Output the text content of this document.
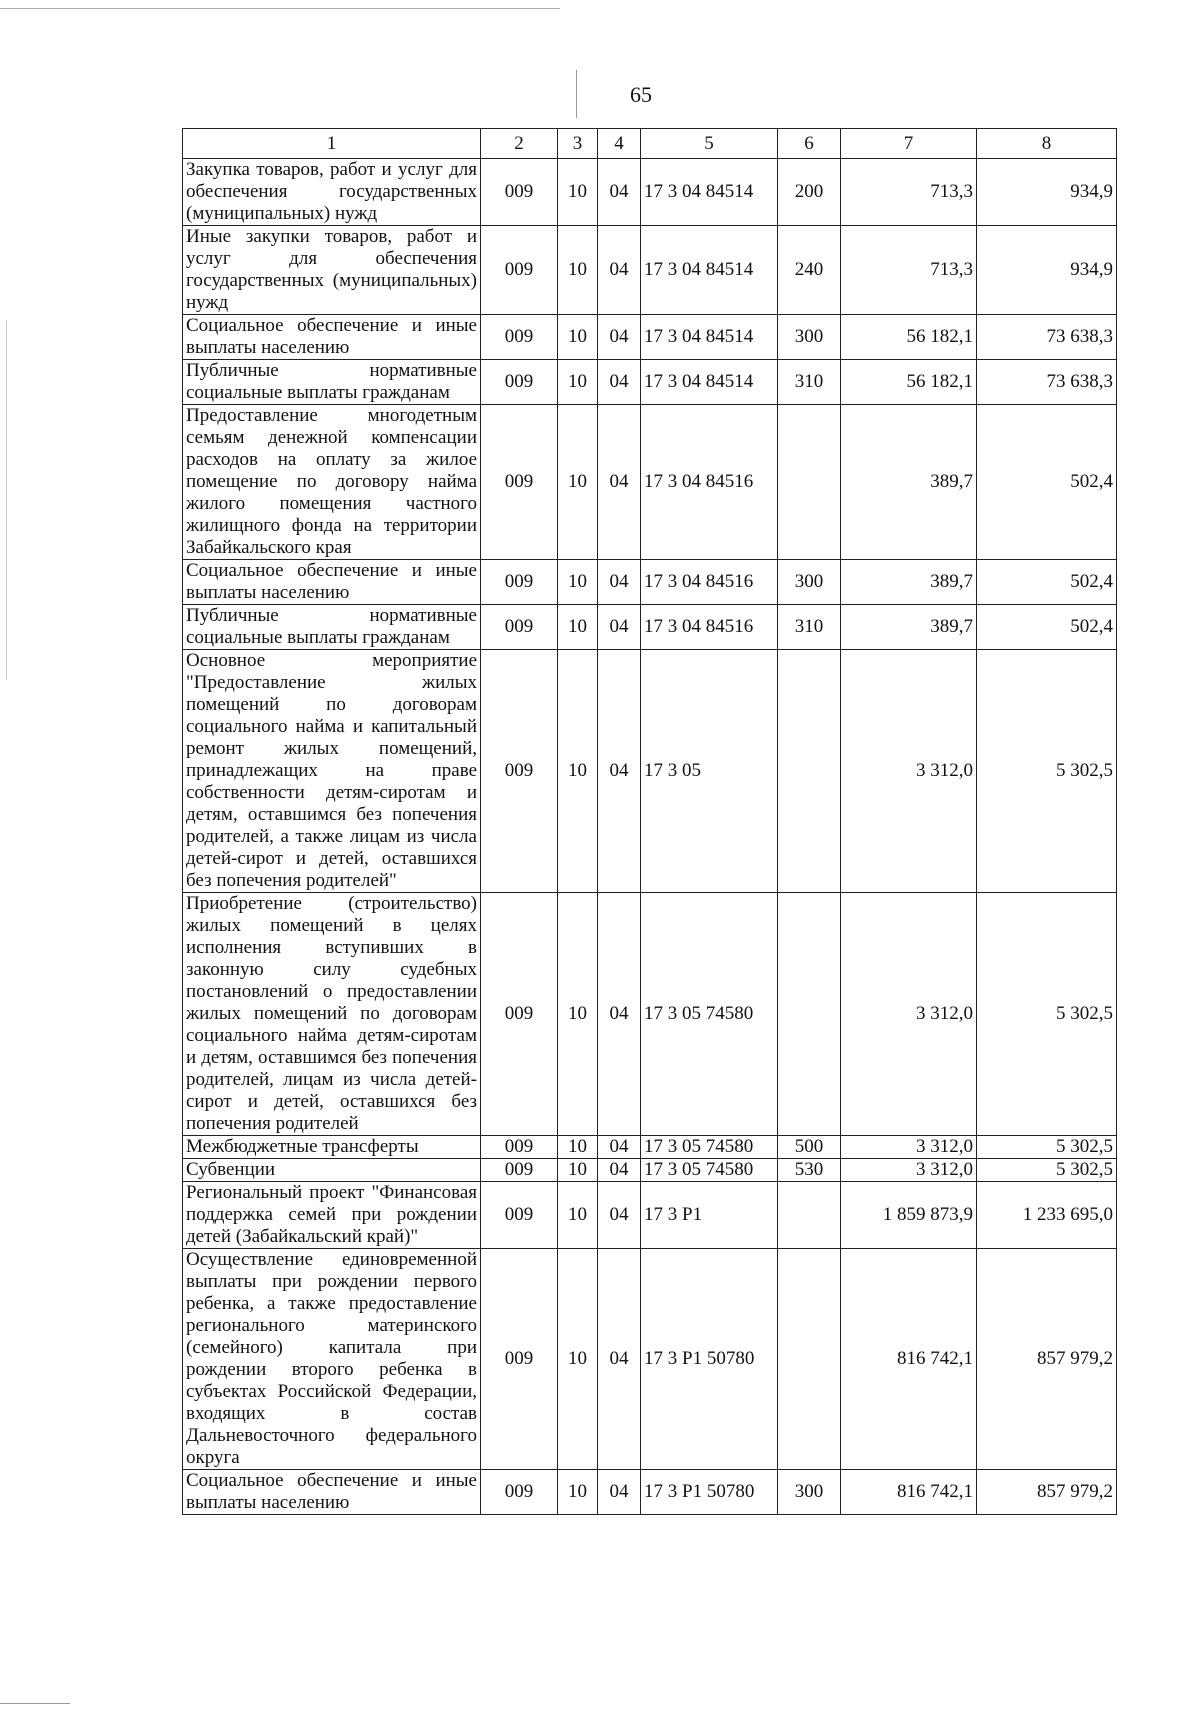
65
1	2	3	4	5	6	7	8
Закупка товаров, работ и услуг для обеспечения государственных (муниципальных) нужд	009	10	04	17 3 04 84514	200	713,3	934,9
Иные закупки товаров, работ и услуг для обеспечения государственных (муниципальных) нужд	009	10	04	17 3 04 84514	240	713,3	934,9
Социальное обеспечение и иные выплаты населению	009	10	04	17 3 04 84514	300	56 182,1	73 638,3
Публичные нормативные социальные выплаты гражданам	009	10	04	17 3 04 84514	310	56 182,1	73 638,3
Предоставление многодетным семьям денежной компенсации расходов на оплату за жилое помещение по договору найма жилого помещения частного жилищного фонда на территории Забайкальского края	009	10	04	17 3 04 84516		389,7	502,4
Социальное обеспечение и иные выплаты населению	009	10	04	17 3 04 84516	300	389,7	502,4
Публичные нормативные социальные выплаты гражданам	009	10	04	17 3 04 84516	310	389,7	502,4
Основное мероприятие "Предоставление жилых помещений по договорам социального найма и капитальный ремонт жилых помещений, принадлежащих на праве собственности детям-сиротам и детям, оставшимся без попечения родителей, а также лицам из числа детей-сирот и детей, оставшихся без попечения родителей"	009	10	04	17 3 05		3 312,0	5 302,5
Приобретение (строительство) жилых помещений в целях исполнения вступивших в законную силу судебных постановлений о предоставлении жилых помещений по договорам социального найма детям-сиротам и детям, оставшимся без попечения родителей, лицам из числа детей-сирот и детей, оставшихся без попечения родителей	009	10	04	17 3 05 74580		3 312,0	5 302,5
Межбюджетные трансферты	009	10	04	17 3 05 74580	500	3 312,0	5 302,5
Субвенции	009	10	04	17 3 05 74580	530	3 312,0	5 302,5
Региональный проект "Финансовая поддержка семей при рождении детей (Забайкальский край)"	009	10	04	17 3 P1		1 859 873,9	1 233 695,0
Осуществление единовременной выплаты при рождении первого ребенка, а также предоставление регионального материнского (семейного) капитала при рождении второго ребенка в субъектах Российской Федерации, входящих в состав Дальневосточного федерального округа	009	10	04	17 3 P1 50780		816 742,1	857 979,2
Социальное обеспечение и иные выплаты населению	009	10	04	17 3 P1 50780	300	816 742,1	857 979,2
